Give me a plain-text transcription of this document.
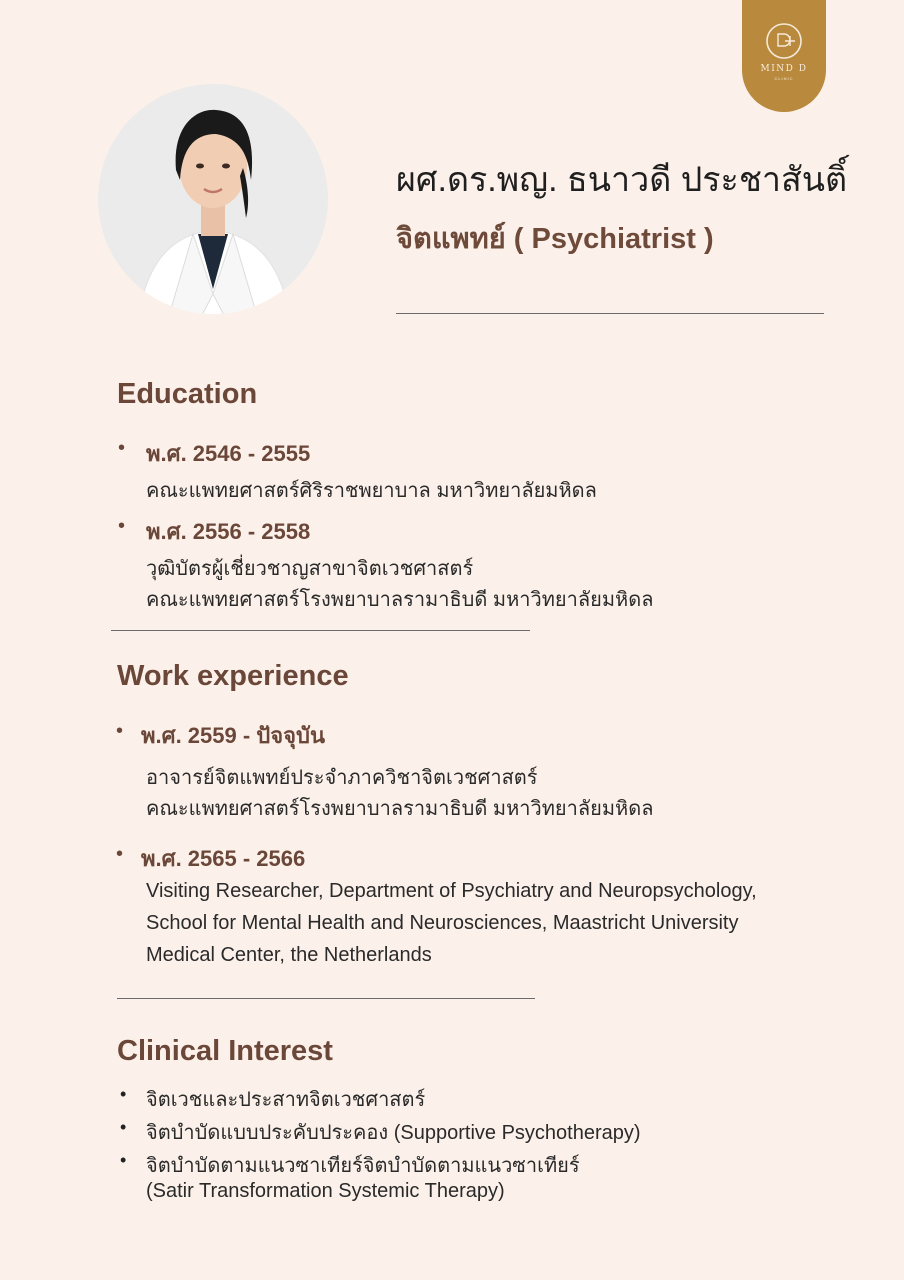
MIND D
CLINIC
ผศ.ดร.พญ. ธนาวดี ประชาสันติ์
จิตแพทย์ ( Psychiatrist )
Education
• พ.ศ. 2546 - 2555
คณะแพทยศาสตร์ศิริราชพยาบาล มหาวิทยาลัยมหิดล
• พ.ศ. 2556 - 2558
วุฒิบัตรผู้เชี่ยวชาญสาขาจิตเวชศาสตร์
คณะแพทยศาสตร์โรงพยาบาลรามาธิบดี มหาวิทยาลัยมหิดล
Work experience
• พ.ศ. 2559 - ปัจจุบัน
อาจารย์จิตแพทย์ประจำภาควิชาจิตเวชศาสตร์
คณะแพทยศาสตร์โรงพยาบาลรามาธิบดี มหาวิทยาลัยมหิดล
• พ.ศ. 2565 - 2566
Visiting Researcher, Department of Psychiatry and Neuropsychology,
School for Mental Health and Neurosciences, Maastricht University
Medical Center, the Netherlands
Clinical Interest
• จิตเวชและประสาทจิตเวชศาสตร์
• จิตบำบัดแบบประคับประคอง (Supportive Psychotherapy)
• จิตบำบัดตามแนวซาเทียร์จิตบำบัดตามแนวซาเทียร์
(Satir Transformation Systemic Therapy)
